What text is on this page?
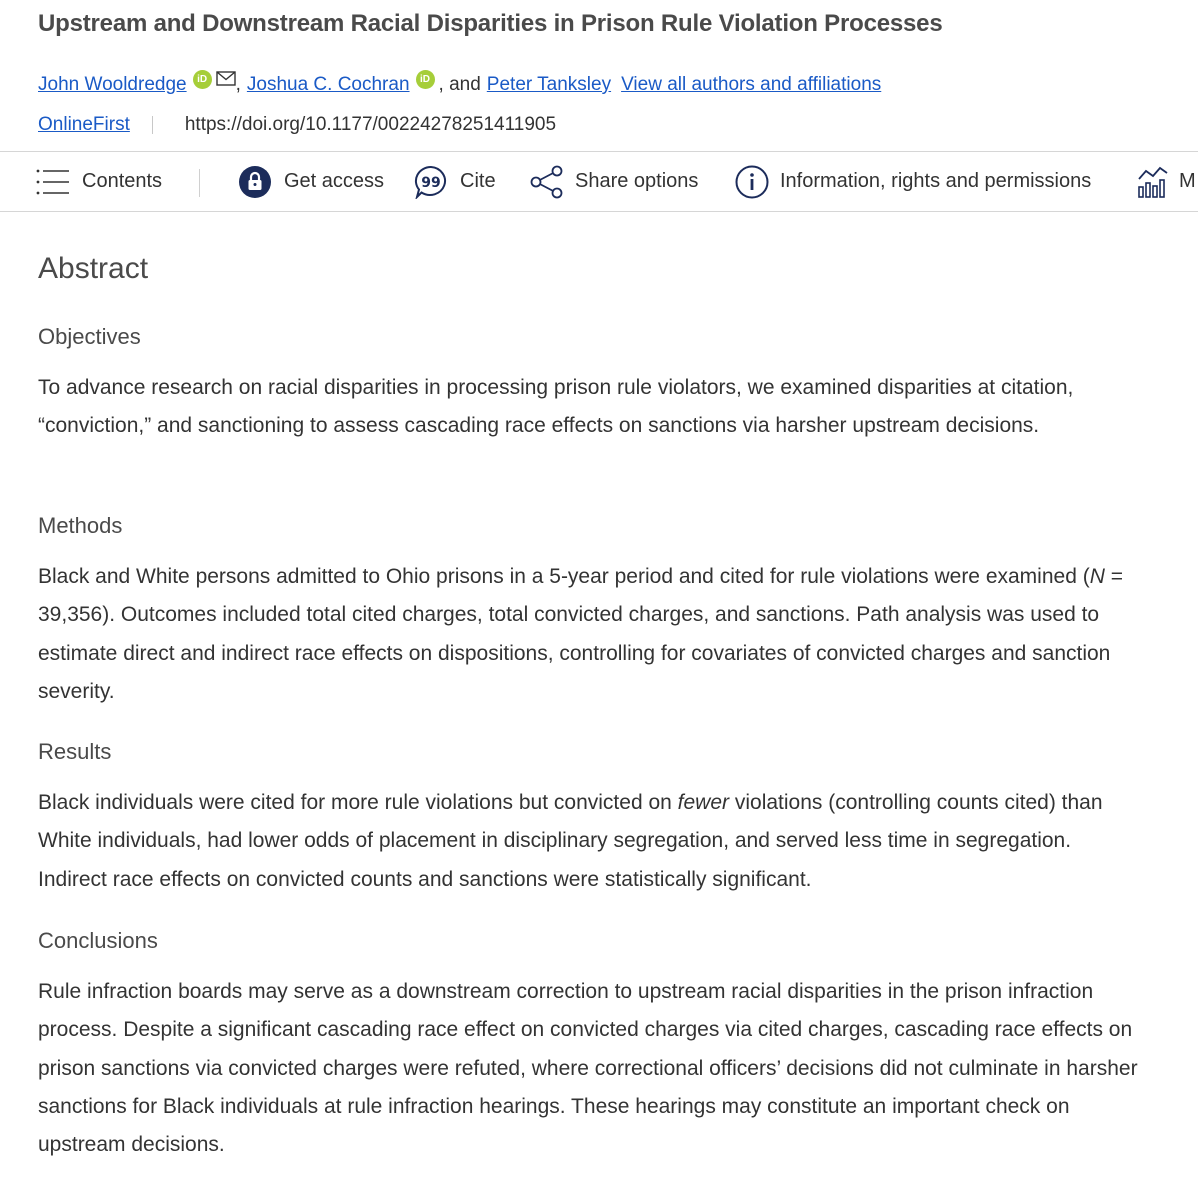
Upstream and Downstream Racial Disparities in Prison Rule Violation Processes
John Wooldredge	iD , Joshua C. Cochran	iD , and Peter Tanksley View all authors and affiliations
OnlineFirst	https://doi.org/10.1177/00224278251411905
Contents	Get access	99 Cite	Share options	Information, rights and permissions	M
Abstract
Objectives

To advance research on racial disparities in processing prison rule violators, we examined disparities at citation, “conviction,” and sanctioning to assess cascading race effects on sanctions via harsher upstream decisions.

Methods

Black and White persons admitted to Ohio prisons in a 5-year period and cited for rule violations were examined (N = 39,356). Outcomes included total cited charges, total convicted charges, and sanctions. Path analysis was used to estimate direct and indirect race effects on dispositions, controlling for covariates of convicted charges and sanction severity.

Results

Black individuals were cited for more rule violations but convicted on fewer violations (controlling counts cited) than White individuals, had lower odds of placement in disciplinary segregation, and served less time in segregation. Indirect race effects on convicted counts and sanctions were statistically significant.

Conclusions

Rule infraction boards may serve as a downstream correction to upstream racial disparities in the prison infraction process. Despite a significant cascading race effect on convicted charges via cited charges, cascading race effects on prison sanctions via convicted charges were refuted, where correctional officers’ decisions did not culminate in harsher sanctions for Black individuals at rule infraction hearings. These hearings may constitute an important check on upstream decisions.
